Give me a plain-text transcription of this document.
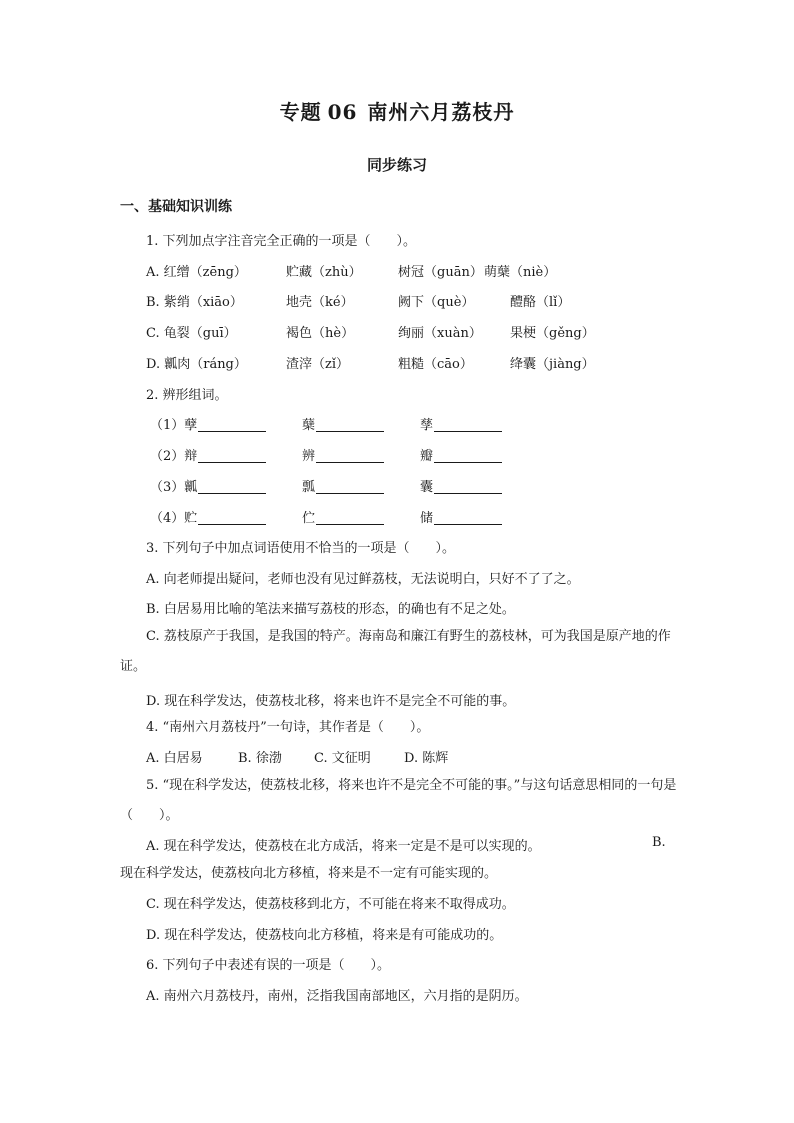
专题 06 南州六月荔枝丹
同步练习
一、基础知识训练
1. 下列加点字注音完全正确的一项是（　　）。
A. 红缯（zēng）	贮藏（zhù）	树冠（guān） 萌蘖（niè）
B. 紫绡（xiāo）	地壳（ké）	阙下（què）	醴酪（lǐ）
C. 龟裂（guī）	褐色（hè）	绚丽（xuàn） 果梗（gěng）
D. 瓤肉（ráng）	渣滓（zǐ）	粗糙（cāo）	绛囊（jiàng）
2. 辨形组词。
（1）孽	蘖	孳
（2）辩	辨	瓣
（3）瓤	瓢	囊
（4）贮	伫	储
3. 下列句子中加点词语使用不恰当的一项是（　　）。
A. 向老师提出疑问，老师也没有见过鲜荔枝，无法说明白，只好不了了之。
B. 白居易用比喻的笔法来描写荔枝的形态，的确也有不足之处。
C. 荔枝原产于我国，是我国的特产。海南岛和廉江有野生的荔枝林，可为我国是原产地的作证。
D. 现在科学发达，使荔枝北移，将来也许不是完全不可能的事。
4. “南州六月荔枝丹”一句诗，其作者是（　　）。
A. 白居易	B. 徐渤 C. 文征明	D. 陈辉
5. “现在科学发达，使荔枝北移，将来也许不是完全不可能的事。”与这句话意思相同的一句是（　　）。
A. 现在科学发达，使荔枝在北方成活，将来一定是不是可以实现的。	B.
现在科学发达，使荔枝向北方移植，将来是不一定有可能实现的。
C. 现在科学发达，使荔枝移到北方，不可能在将来不取得成功。
D. 现在科学发达，使荔枝向北方移植，将来是有可能成功的。
6. 下列句子中表述有误的一项是（　　）。
A. 南州六月荔枝丹，南州，泛指我国南部地区，六月指的是阴历。
